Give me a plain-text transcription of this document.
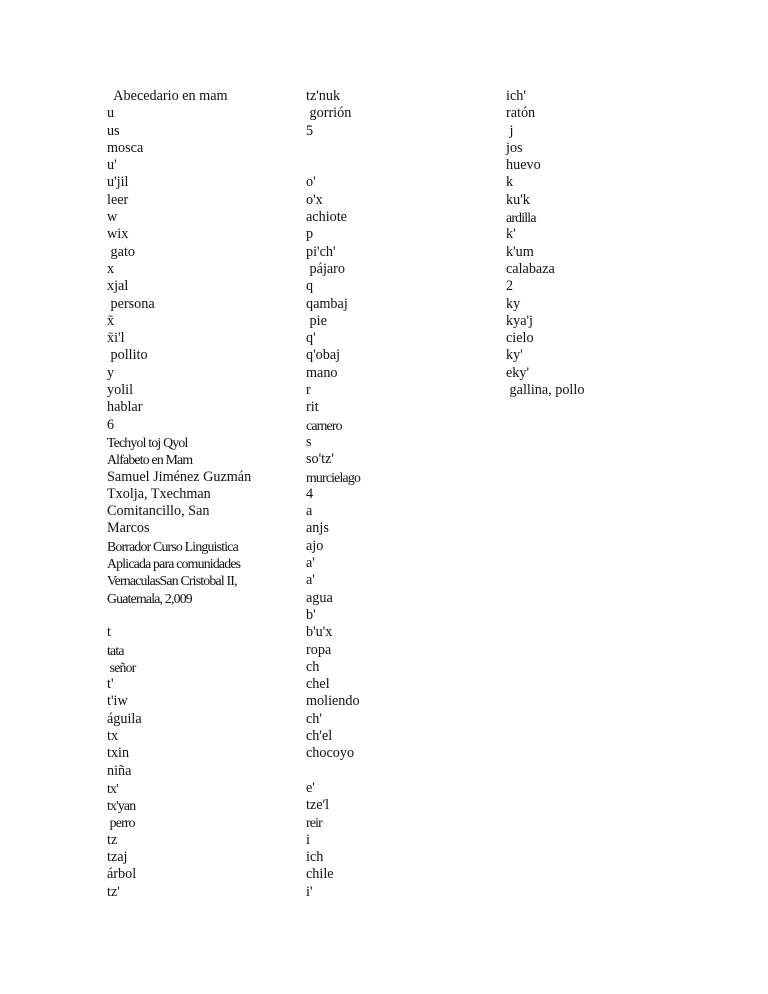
Abecedario en mam
u
us
mosca
u'
u'jil
leer
w
wix
gato
x
xjal
persona
x̄
x̄i'l
pollito
y
yolil
hablar
6
Techyol toj Qyol
Alfabeto en Mam
Samuel Jiménez Guzmán
Txolja, Txechman
Comitancillo, San
Marcos
Borrador Curso Linguistica
Aplicada para comunidades
VernaculasSan Cristobal II,
Guatemala, 2,009
t
tata
señor
t'
t'iw
águila
tx
txin
niña
tx'
tx'yan
perro
tz
tzaj
árbol
tz'
tz'nuk
gorrión
5
o'
o'x
achiote
p
pi'ch'
pájaro
q
qambaj
pie
q'
q'obaj
mano
r
rit
carnero
s
so'tz'
murcielago
4
a
anjs
ajo
a'
a'
agua
b'
b'u'x
ropa
ch
chel
moliendo
ch'
ch'el
chocoyo
e'
tze'l
reir
i
ich
chile
i'
ich'
ratón
j
jos
huevo
k
ku'k
ardilla
k'
k'um
calabaza
2
ky
kya'j
cielo
ky'
eky'
gallina, pollo
